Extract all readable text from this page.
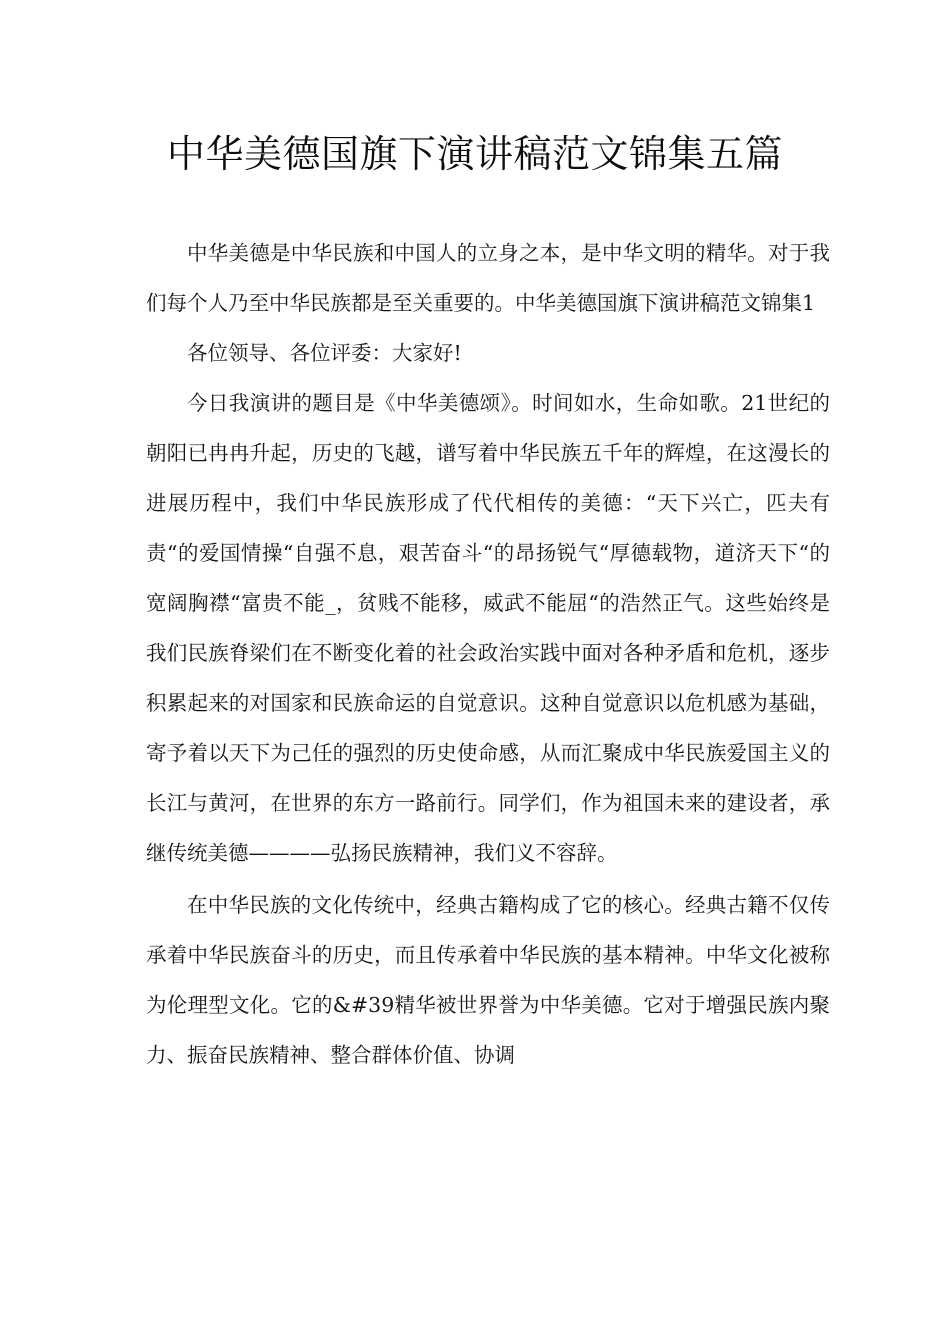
中华美德国旗下演讲稿范文锦集五篇

中华美德是中华民族和中国人的立身之本，是中华文明的精华。对于我们每个人乃至中华民族都是至关重要的。中华美德国旗下演讲稿范文锦集1

各位领导、各位评委：大家好!

今日我演讲的题目是《中华美德颂》。时间如水，生命如歌。21世纪的朝阳已冉冉升起，历史的飞越，谱写着中华民族五千年的辉煌，在这漫长的进展历程中，我们中华民族形成了代代相传的美德：“天下兴亡，匹夫有责“的爱国情操“自强不息，艰苦奋斗“的昂扬锐气“厚德载物，道济天下“的宽阔胸襟“富贵不能_，贫贱不能移，威武不能屈“的浩然正气。这些始终是我们民族脊梁们在不断变化着的社会政治实践中面对各种矛盾和危机，逐步积累起来的对国家和民族命运的自觉意识。这种自觉意识以危机感为基础，寄予着以天下为己任的强烈的历史使命感，从而汇聚成中华民族爱国主义的长江与黄河，在世界的东方一路前行。同学们，作为祖国未来的建设者，承继传统美德————弘扬民族精神，我们义不容辞。

在中华民族的文化传统中，经典古籍构成了它的核心。经典古籍不仅传承着中华民族奋斗的历史，而且传承着中华民族的基本精神。中华文化被称为伦理型文化。它的&#39精华被世界誉为中华美德。它对于增强民族内聚力、振奋民族精神、整合群体价值、协调
